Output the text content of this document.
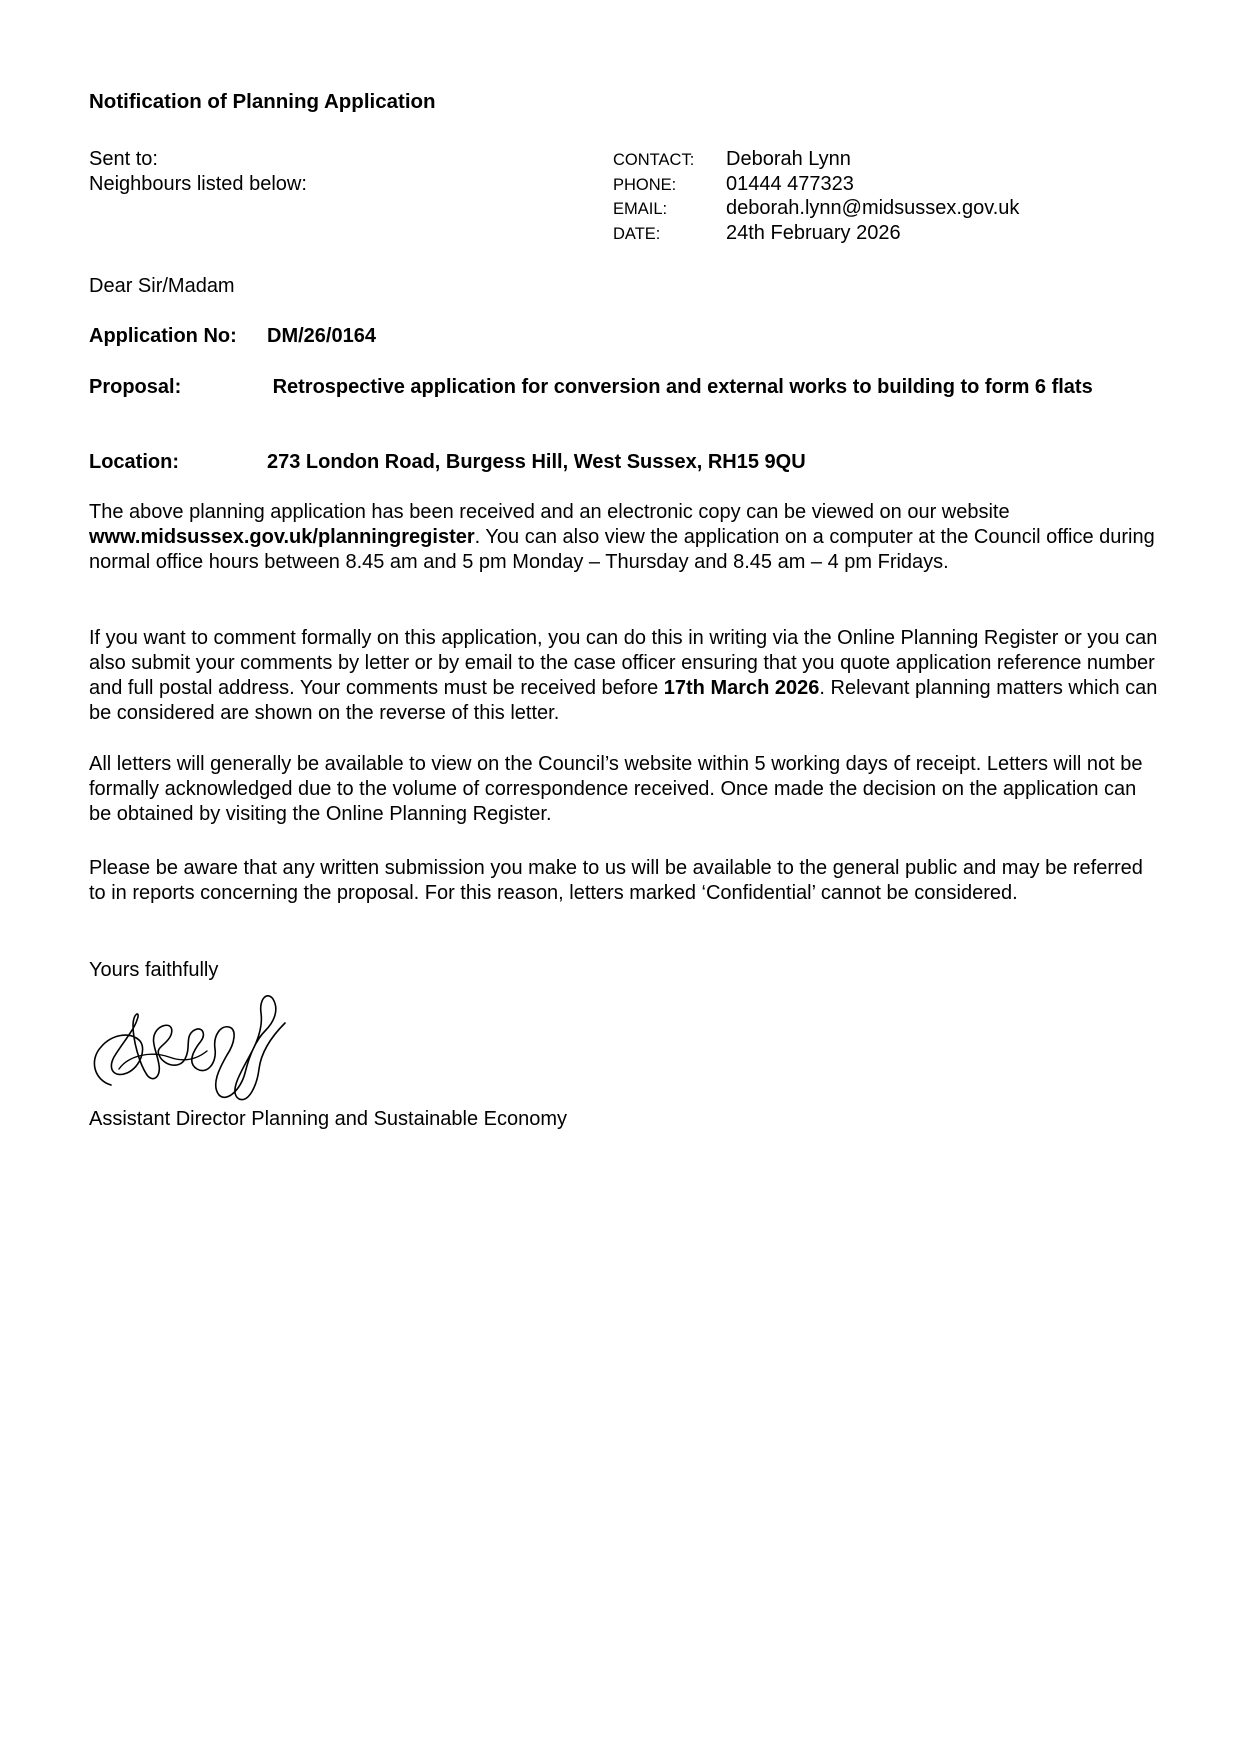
Notification of Planning Application
Sent to:
Neighbours listed below:
CONTACT:	Deborah Lynn
PHONE:	01444 477323
EMAIL:	deborah.lynn@midsussex.gov.uk
DATE:	24th February 2026
Dear Sir/Madam
Application No:	DM/26/0164
Proposal:	Retrospective application for conversion and external works to building to form 6 flats
Location:	273 London Road, Burgess Hill, West Sussex, RH15 9QU

The above planning application has been received and an electronic copy can be viewed on our website www.midsussex.gov.uk/planningregister. You can also view the application on a computer at the Council office during normal office hours between 8.45 am and 5 pm Monday – Thursday and 8.45 am – 4 pm Fridays.

If you want to comment formally on this application, you can do this in writing via the Online Planning Register or you can also submit your comments by letter or by email to the case officer ensuring that you quote application reference number and full postal address. Your comments must be received before 17th March 2026. Relevant planning matters which can be considered are shown on the reverse of this letter.

All letters will generally be available to view on the Council’s website within 5 working days of receipt. Letters will not be formally acknowledged due to the volume of correspondence received. Once made the decision on the application can be obtained by visiting the Online Planning Register.

Please be aware that any written submission you make to us will be available to the general public and may be referred to in reports concerning the proposal. For this reason, letters marked ‘Confidential’ cannot be considered.

Yours faithfully
Assistant Director Planning and Sustainable Economy
